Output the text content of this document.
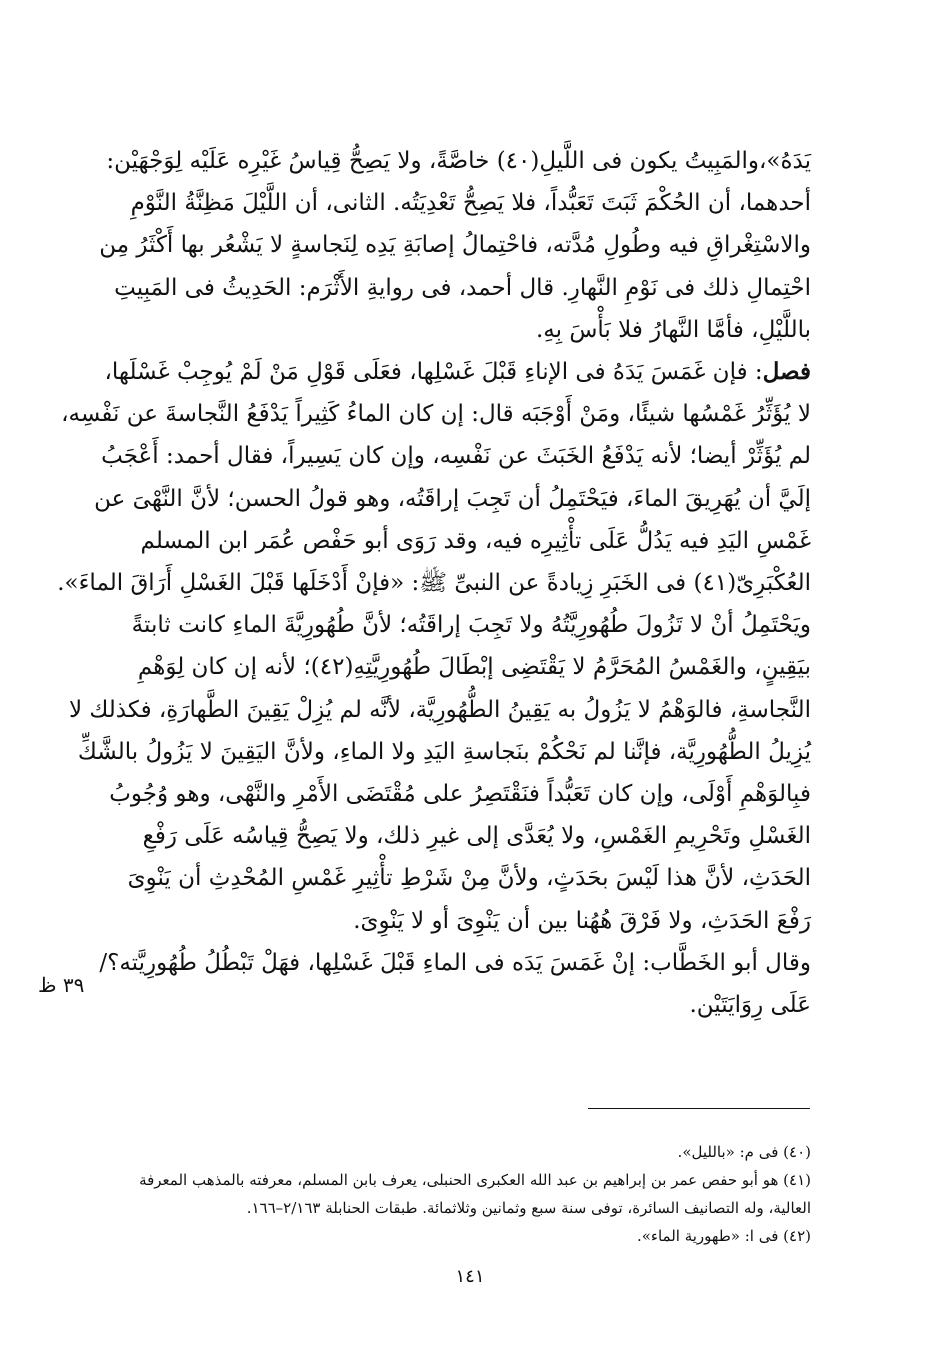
يَدَهُ»،والمَبِيتُ يكون فى اللَّيلِ(٤٠) خاصَّةً، ولا يَصِحُّ قِياسُ غَيْرِه عَلَيْه لِوَجْهَيْن:
أحدهما، أن الحُكْمَ ثَبَتَ تَعَبُّداً، فلا يَصِحُّ تَعْدِيَتُه. الثانى، أن اللَّيْلَ مَظِنَّةُ النَّوْمِ
والاسْتِغْراقِ فيه وطُولِ مُدَّته، فاحْتِمالُ إصابَةِ يَدِه لِنَجاسةٍ لا يَشْعُر بها أَكْثَرُ مِن
احْتِمالِ ذلك فى نَوْمِ النَّهارِ. قال أحمد، فى روايةِ الأَثْرَم: الحَدِيثُ فى المَبِيتِ
باللَّيْلِ، فأمَّا النَّهارُ فلا بَأْسَ بِهِ.

فصل: فإن غَمَسَ يَدَهُ فى الإناءِ قَبْلَ غَسْلِها، فعَلَى قَوْلِ مَنْ لَمْ يُوجِبْ غَسْلَها،
لا يُؤَثِّرُ غَمْسُها شيئًا، ومَنْ أَوْجَبَه قال: إن كان الماءُ كَثِيراً يَدْفَعُ النَّجاسةَ عن نَفْسِه،
لم يُؤَثِّرْ أيضا؛ لأنه يَدْفَعُ الخَبَثَ عن نَفْسِه، وإن كان يَسِيراً، فقال أحمد: أَعْجَبُ
إلَيَّ أن يُهَرِيقَ الماءَ، فيَحْتَمِلُ أن تَجِبَ إراقَتُه، وهو قولُ الحسن؛ لأنَّ النَّهْىَ عن
غَمْسِ اليَدِ فيه يَدُلُّ عَلَى تأْثِيرِه فيه، وقد رَوَى أبو حَفْص عُمَر ابن المسلم
العُكْبَرِىّ(٤١) فى الخَبَرِ زِيادةً عن النبىِّ ﷺ: «فإنْ أَدْخَلَها قَبْلَ الغَسْلِ أَرَاقَ الماءَ».
ويَحْتَمِلُ أنْ لا تَزُولَ طُهُورِيَّتُهُ ولا تَجِبَ إراقَتُه؛ لأنَّ طُهُورِيَّةَ الماءِ كانت ثابتةً
بيَقِينٍ، والغَمْسُ المُحَرَّمُ لا يَقْتَضِى إبْطَالَ طُهُورِيَّتِهِ(٤٢)؛ لأنه إن كان لِوَهْمِ
النَّجاسةِ، فالوَهْمُ لا يَزُولُ به يَقِينُ الطُّهُورِيَّة، لأنَّه لم يُزِلْ يَقِينَ الطَّهارَةِ، فكذلك لا
يُزِيلُ الطُّهُورِيَّة، فإنَّنا لم نَحْكُمْ بنَجاسةِ اليَدِ ولا الماءِ، ولأنَّ اليَقِينَ لا يَزُولُ بالشَّكِّ
فبِالوَهْمِ أَوْلَى، وإن كان تَعَبُّداً فنَقْتَصِرُ على مُقْتَضَى الأَمْرِ والنَّهْى، وهو وُجُوبُ
الغَسْلِ وتَحْرِيمِ الغَمْسِ، ولا يُعَدَّى إلى غيرِ ذلك، ولا يَصِحُّ قِياسُه عَلَى رَفْعِ
الحَدَثِ، لأنَّ هذا لَيْسَ بحَدَثٍ، ولأنَّ مِنْ شَرْطِ تأْثِيرِ غَمْسِ المُحْدِثِ أن يَنْوِىَ
رَفْعَ الحَدَثِ، ولا فَرْقَ هُهُنا بين أن يَنْوِىَ أو لا يَنْوِىَ.

وقال أبو الخَطَّاب: إنْ غَمَسَ يَدَه فى الماءِ قَبْلَ غَسْلِها، فهَلْ تَبْطُلُ طُهُورِيَّته؟/
عَلَى رِوَايَتَيْن.

٣٩ ظ
(٤٠) فى م: «بالليل».
(٤١) هو أبو حفص عمر بن إبراهيم بن عبد الله العكبرى الحنبلى، يعرف بابن المسلم، معرفته بالمذهب المعرفة
العالية، وله التصانيف السائرة، توفى سنة سبع وثمانين وثلاثمائة. طبقات الحنابلة ٢/١٦٣–١٦٦.
(٤٢) فى ا: «طهورية الماء».
١٤١
